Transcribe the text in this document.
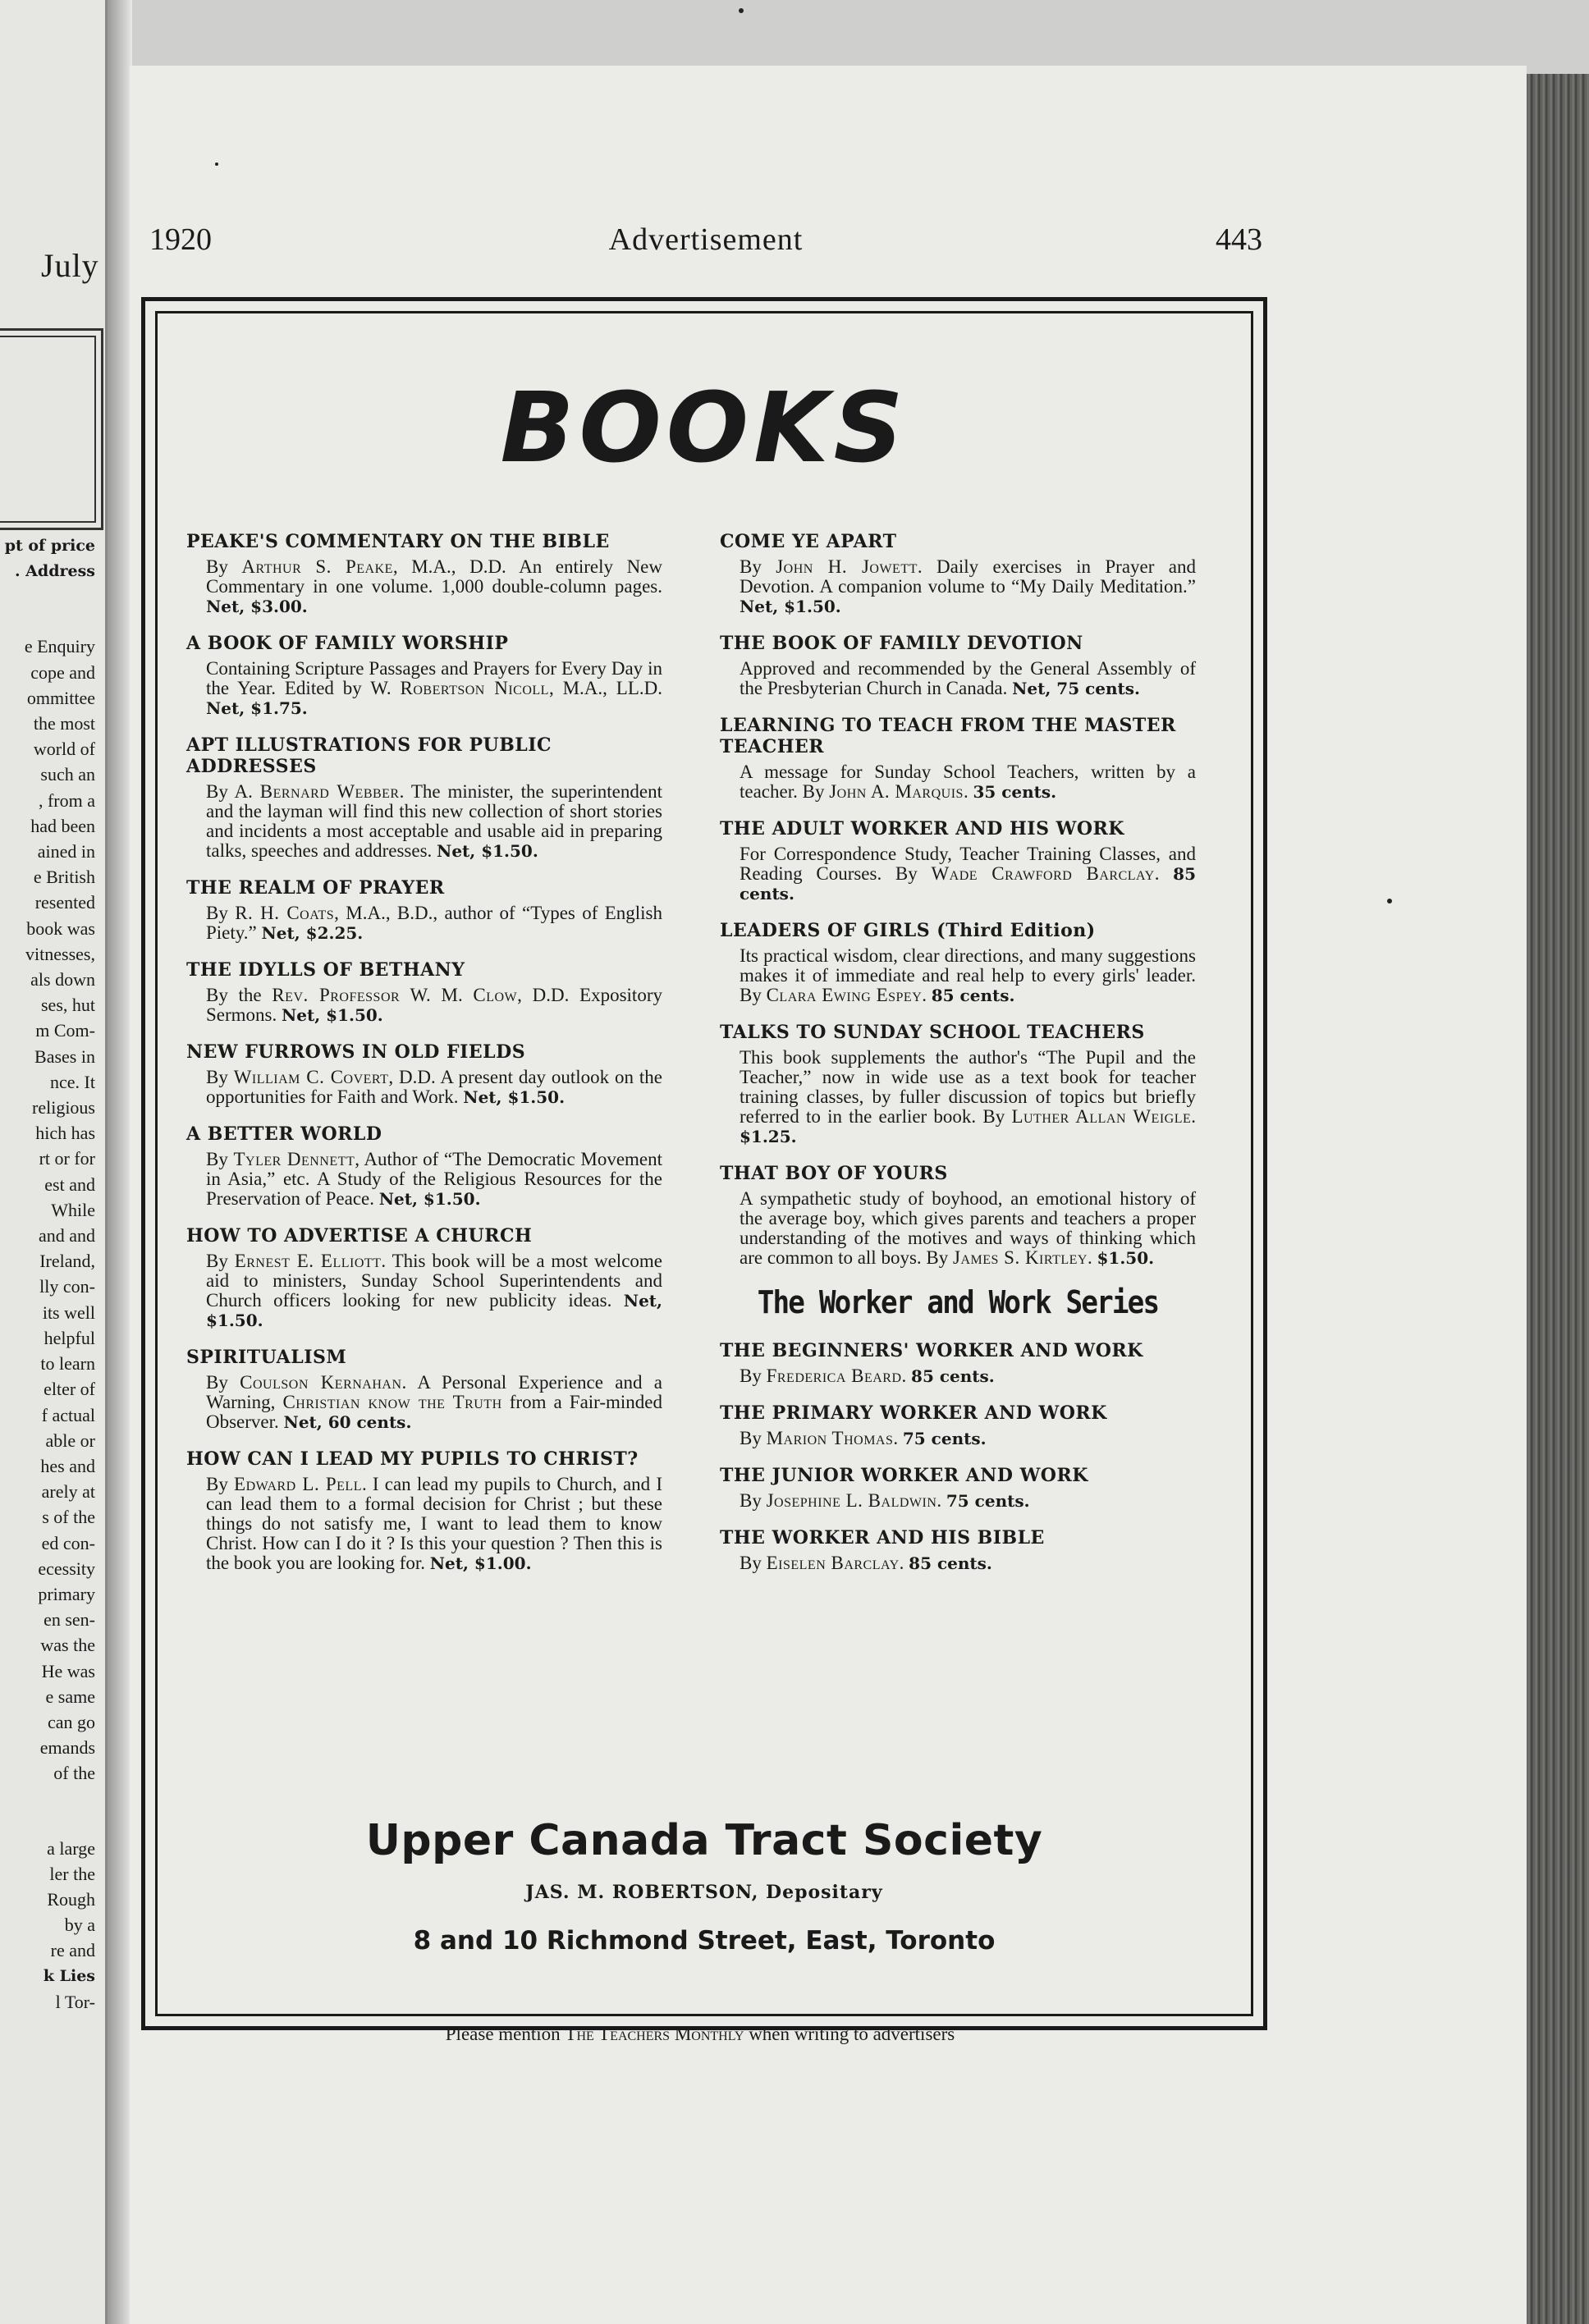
July
pt of price
. Address
e Enquiry
cope and
ommittee
the most
world of
such an
, from a
had been
ained in
e British
resented
book was
vitnesses,
als down
ses, hut
m Com-
Bases in
nce. It
religious
hich has
rt or for
est and
While
and and
Ireland,
lly con-
its well
helpful
to learn
elter of
f actual
able or
hes and
arely at
s of the
ed con-
ecessity
primary
en sen-
was the
He was
e same
can go
emands
of the
a large
ler the
Rough
by a
re and
k Lies
l Tor-
1920	Advertisement	443
BOOKS
PEAKE'S COMMENTARY ON THE BIBLE
By Arthur S. Peake, M.A., D.D. An entirely New Commentary in one volume. 1,000 double-column pages. Net, $3.00.
A BOOK OF FAMILY WORSHIP
Containing Scripture Passages and Prayers for Every Day in the Year. Edited by W. Robertson Nicoll, M.A., LL.D. Net, $1.75.
APT ILLUSTRATIONS FOR PUBLIC ADDRESSES
By A. Bernard Webber. The minister, the superintendent and the layman will find this new collection of short stories and incidents a most acceptable and usable aid in preparing talks, speeches and addresses. Net, $1.50.
THE REALM OF PRAYER
By R. H. Coats, M.A., B.D., author of “Types of English Piety.” Net, $2.25.
THE IDYLLS OF BETHANY
By the Rev. Professor W. M. Clow, D.D. Expository Sermons. Net, $1.50.
NEW FURROWS IN OLD FIELDS
By William C. Covert, D.D. A present day outlook on the opportunities for Faith and Work. Net, $1.50.
A BETTER WORLD
By Tyler Dennett, Author of “The Democratic Movement in Asia,” etc. A Study of the Religious Resources for the Preservation of Peace. Net, $1.50.
HOW TO ADVERTISE A CHURCH
By Ernest E. Elliott. This book will be a most welcome aid to ministers, Sunday School Superintendents and Church officers looking for new publicity ideas. Net, $1.50.
SPIRITUALISM
By Coulson Kernahan. A Personal Experience and a Warning, Christian know the Truth from a Fair-minded Observer. Net, 60 cents.
HOW CAN I LEAD MY PUPILS TO CHRIST?
By Edward L. Pell. I can lead my pupils to Church, and I can lead them to a formal decision for Christ ; but these things do not satisfy me, I want to lead them to know Christ. How can I do it ? Is this your question ? Then this is the book you are looking for. Net, $1.00.
COME YE APART
By John H. Jowett. Daily exercises in Prayer and Devotion. A companion volume to “My Daily Meditation.” Net, $1.50.
THE BOOK OF FAMILY DEVOTION
Approved and recommended by the General Assembly of the Presbyterian Church in Canada. Net, 75 cents.
LEARNING TO TEACH FROM THE MASTER TEACHER
A message for Sunday School Teachers, written by a teacher. By John A. Marquis. 35 cents.
THE ADULT WORKER AND HIS WORK
For Correspondence Study, Teacher Training Classes, and Reading Courses. By Wade Crawford Barclay. 85 cents.
LEADERS OF GIRLS (Third Edition)
Its practical wisdom, clear directions, and many suggestions makes it of immediate and real help to every girls' leader. By Clara Ewing Espey. 85 cents.
TALKS TO SUNDAY SCHOOL TEACHERS
This book supplements the author's “The Pupil and the Teacher,” now in wide use as a text book for teacher training classes, by fuller discussion of topics but briefly referred to in the earlier book. By Luther Allan Weigle. $1.25.
THAT BOY OF YOURS
A sympathetic study of boyhood, an emotional history of the average boy, which gives parents and teachers a proper understanding of the motives and ways of thinking which are common to all boys. By James S. Kirtley. $1.50.
The Worker and Work Series
THE BEGINNERS' WORKER AND WORK
By Frederica Beard. 85 cents.
THE PRIMARY WORKER AND WORK
By Marion Thomas. 75 cents.
THE JUNIOR WORKER AND WORK
By Josephine L. Baldwin. 75 cents.
THE WORKER AND HIS BIBLE
By Eiselen Barclay. 85 cents.
Upper Canada Tract Society
JAS. M. ROBERTSON, Depositary
8 and 10 Richmond Street, East, Toronto
Please mention The Teachers Monthly when writing to advertisers
